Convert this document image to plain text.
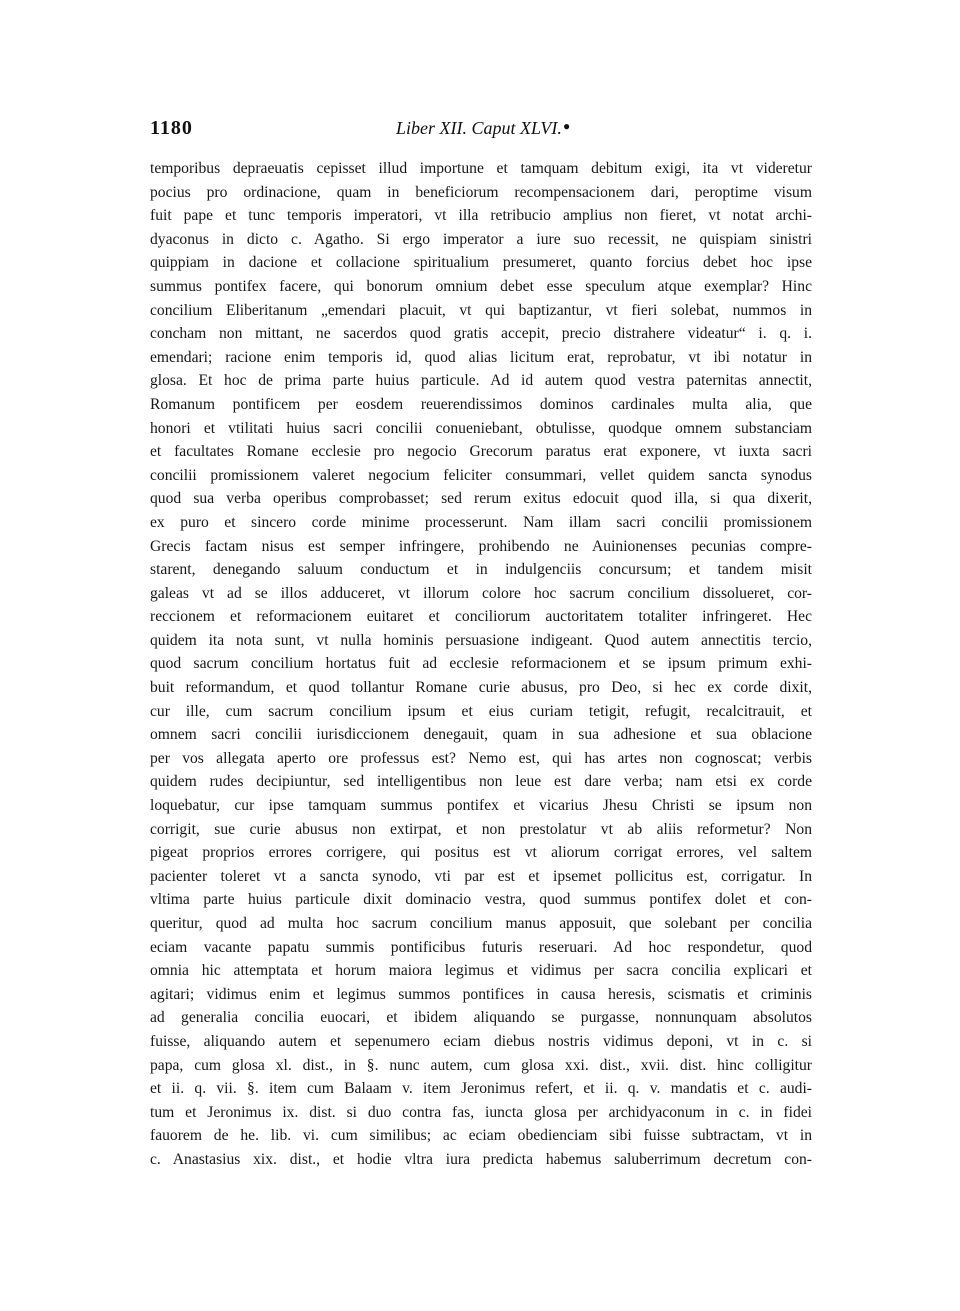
1180	Liber XII. Caput XLVI. ●
temporibus depraeuatis cepisset illud importune et tamquam debitum exigi, ita vt videretur
pocius pro ordinacione, quam in beneficiorum recompensacionem dari, peroptime visum
fuit pape et tunc temporis imperatori, vt illa retribucio amplius non fieret, vt notat archi-
dyaconus in dicto c. Agatho. Si ergo imperator a iure suo recessit, ne quispiam sinistri
quippiam in dacione et collacione spiritualium presumeret, quanto forcius debet hoc ipse
summus pontifex facere, qui bonorum omnium debet esse speculum atque exemplar? Hinc
concilium Eliberitanum „emendari placuit, vt qui baptizantur, vt fieri solebat, nummos in
concham non mittant, ne sacerdos quod gratis accepit, precio distrahere videatur“ i. q. i.
emendari; racione enim temporis id, quod alias licitum erat, reprobatur, vt ibi notatur in
glosa. Et hoc de prima parte huius particule. Ad id autem quod vestra paternitas annectit,
Romanum pontificem per eosdem reuerendissimos dominos cardinales multa alia, que
honori et vtilitati huius sacri concilii conueniebant, obtulisse, quodque omnem substanciam
et facultates Romane ecclesie pro negocio Grecorum paratus erat exponere, vt iuxta sacri
concilii promissionem valeret negocium feliciter consummari, vellet quidem sancta synodus
quod sua verba operibus comprobasset; sed rerum exitus edocuit quod illa, si qua dixerit,
ex puro et sincero corde minime processerunt. Nam illam sacri concilii promissionem
Grecis factam nisus est semper infringere, prohibendo ne Auinionenses pecunias compre-
starent, denegando saluum conductum et in indulgenciis concursum; et tandem misit
galeas vt ad se illos adduceret, vt illorum colore hoc sacrum concilium dissolueret, cor-
reccionem et reformacionem euitaret et conciliorum auctoritatem totaliter infringeret. Hec
quidem ita nota sunt, vt nulla hominis persuasione indigeant. Quod autem annectitis tercio,
quod sacrum concilium hortatus fuit ad ecclesie reformacionem et se ipsum primum exhi-
buit reformandum, et quod tollantur Romane curie abusus, pro Deo, si hec ex corde dixit,
cur ille, cum sacrum concilium ipsum et eius curiam tetigit, refugit, recalcitrauit, et
omnem sacri concilii iurisdiccionem denegauit, quam in sua adhesione et sua oblacione
per vos allegata aperto ore professus est? Nemo est, qui has artes non cognoscat; verbis
quidem rudes decipiuntur, sed intelligentibus non leue est dare verba; nam etsi ex corde
loquebatur, cur ipse tamquam summus pontifex et vicarius Jhesu Christi se ipsum non
corrigit, sue curie abusus non extirpat, et non prestolatur vt ab aliis reformetur? Non
pigeat proprios errores corrigere, qui positus est vt aliorum corrigat errores, vel saltem
pacienter toleret vt a sancta synodo, vti par est et ipsemet pollicitus est, corrigatur. In
vltima parte huius particule dixit dominacio vestra, quod summus pontifex dolet et con-
queritur, quod ad multa hoc sacrum concilium manus apposuit, que solebant per concilia
eciam vacante papatu summis pontificibus futuris reseruari. Ad hoc respondetur, quod
omnia hic attemptata et horum maiora legimus et vidimus per sacra concilia explicari et
agitari; vidimus enim et legimus summos pontifices in causa heresis, scismatis et criminis
ad generalia concilia euocari, et ibidem aliquando se purgasse, nonnunquam absolutos
fuisse, aliquando autem et sepenumero eciam diebus nostris vidimus deponi, vt in c. si
papa, cum glosa xl. dist., in §. nunc autem, cum glosa xxi. dist., xvii. dist. hinc colligitur
et ii. q. vii. §. item cum Balaam v. item Jeronimus refert, et ii. q. v. mandatis et c. audi-
tum et Jeronimus ix. dist. si duo contra fas, iuncta glosa per archidyaconum in c. in fidei
fauorem de he. lib. vi. cum similibus; ac eciam obedienciam sibi fuisse subtractam, vt in
c. Anastasius xix. dist., et hodie vltra iura predicta habemus saluberrimum decretum con-
